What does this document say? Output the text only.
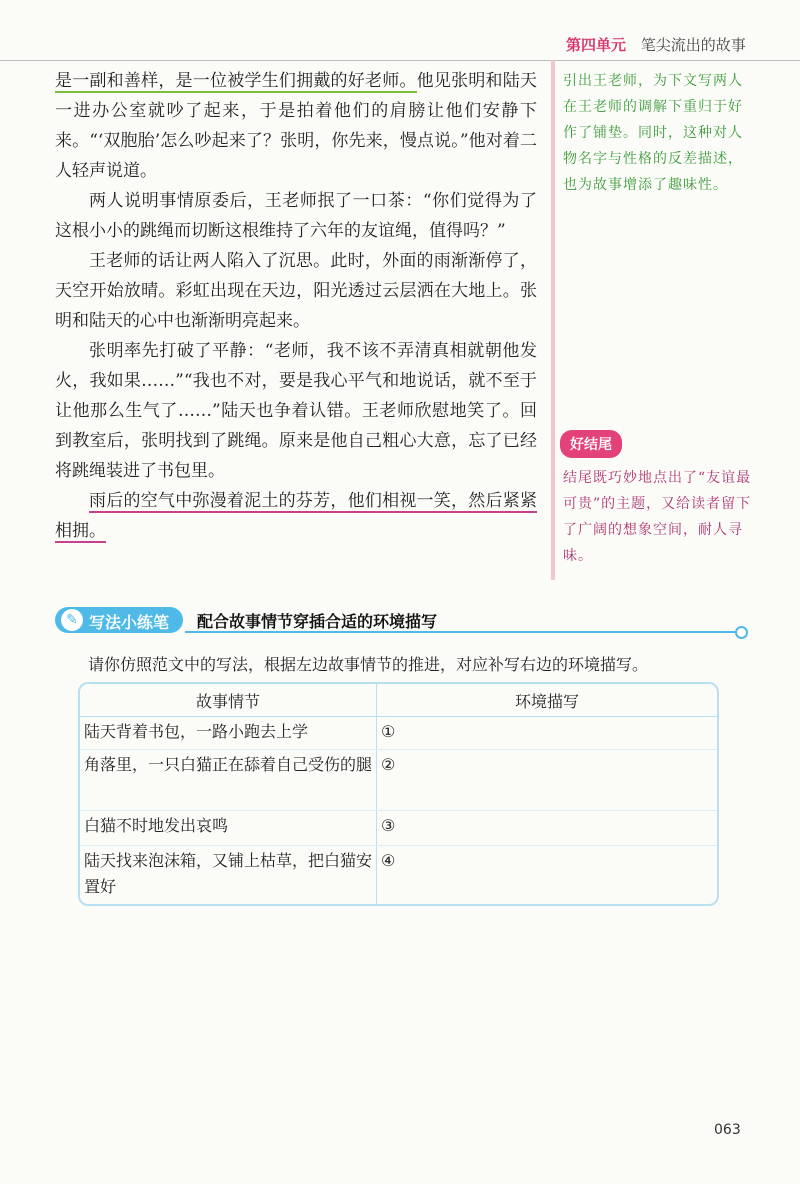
第四单元 笔尖流出的故事
引出王老师，为下文写两人在王老师的调解下重归于好作了铺垫。同时，这种对人物名字与性格的反差描述，也为故事增添了趣味性。
好结尾
结尾既巧妙地点出了“友谊最可贵”的主题，又给读者留下了广阔的想象空间，耐人寻味。

是一副和善样，是一位被学生们拥戴的好老师。他见张明和陆天一进办公室就吵了起来，于是拍着他们的肩膀让他们安静下来。“‘双胞胎’怎么吵起来了？张明，你先来，慢点说。”他对着二人轻声说道。

两人说明事情原委后，王老师抿了一口茶：“你们觉得为了这根小小的跳绳而切断这根维持了六年的友谊绳，值得吗？”

王老师的话让两人陷入了沉思。此时，外面的雨渐渐停了，天空开始放晴。彩虹出现在天边，阳光透过云层洒在大地上。张明和陆天的心中也渐渐明亮起来。

张明率先打破了平静：“老师，我不该不弄清真相就朝他发火，我如果……”“我也不对，要是我心平气和地说话，就不至于让他那么生气了……”陆天也争着认错。王老师欣慰地笑了。回到教室后，张明找到了跳绳。原来是他自己粗心大意，忘了已经将跳绳装进了书包里。

雨后的空气中弥漫着泥土的芬芳，他们相视一笑，然后紧紧相拥。

✎ 写法小练笔 配合故事情节穿插合适的环境描写
请你仿照范文中的写法，根据左边故事情节的推进，对应补写右边的环境描写。
故事情节	环境描写
陆天背着书包，一路小跑去上学	①
角落里，一只白猫正在舔着自己受伤的腿	②
白猫不时地发出哀鸣	③
陆天找来泡沫箱，又铺上枯草，把白猫安置好	④
063
